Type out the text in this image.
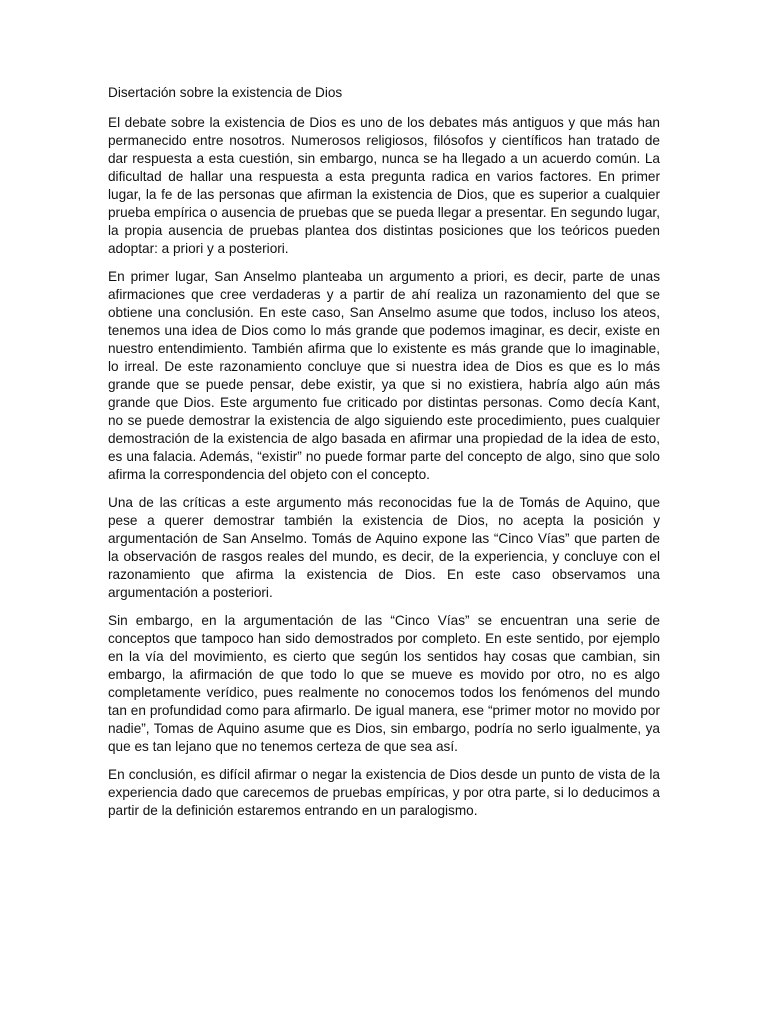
Disertación sobre la existencia de Dios

El debate sobre la existencia de Dios es uno de los debates más antiguos y que más han permanecido entre nosotros. Numerosos religiosos, filósofos y científicos han tratado de dar respuesta a esta cuestión, sin embargo, nunca se ha llegado a un acuerdo común. La dificultad de hallar una respuesta a esta pregunta radica en varios factores. En primer lugar, la fe de las personas que afirman la existencia de Dios, que es superior a cualquier prueba empírica o ausencia de pruebas que se pueda llegar a presentar. En segundo lugar, la propia ausencia de pruebas plantea dos distintas posiciones que los teóricos pueden adoptar: a priori y a posteriori.

En primer lugar, San Anselmo planteaba un argumento a priori, es decir, parte de unas afirmaciones que cree verdaderas y a partir de ahí realiza un razonamiento del que se obtiene una conclusión. En este caso, San Anselmo asume que todos, incluso los ateos, tenemos una idea de Dios como lo más grande que podemos imaginar, es decir, existe en nuestro entendimiento. También afirma que lo existente es más grande que lo imaginable, lo irreal. De este razonamiento concluye que si nuestra idea de Dios es que es lo más grande que se puede pensar, debe existir, ya que si no existiera, habría algo aún más grande que Dios. Este argumento fue criticado por distintas personas. Como decía Kant, no se puede demostrar la existencia de algo siguiendo este procedimiento, pues cualquier demostración de la existencia de algo basada en afirmar una propiedad de la idea de esto, es una falacia. Además, “existir” no puede formar parte del concepto de algo, sino que solo afirma la correspondencia del objeto con el concepto.

Una de las críticas a este argumento más reconocidas fue la de Tomás de Aquino, que pese a querer demostrar también la existencia de Dios, no acepta la posición y argumentación de San Anselmo. Tomás de Aquino expone las “Cinco Vías” que parten de la observación de rasgos reales del mundo, es decir, de la experiencia, y concluye con el razonamiento que afirma la existencia de Dios. En este caso observamos una argumentación a posteriori.

Sin embargo, en la argumentación de las “Cinco Vías” se encuentran una serie de conceptos que tampoco han sido demostrados por completo. En este sentido, por ejemplo en la vía del movimiento, es cierto que según los sentidos hay cosas que cambian, sin embargo, la afirmación de que todo lo que se mueve es movido por otro, no es algo completamente verídico, pues realmente no conocemos todos los fenómenos del mundo tan en profundidad como para afirmarlo. De igual manera, ese “primer motor no movido por nadie”, Tomas de Aquino asume que es Dios, sin embargo, podría no serlo igualmente, ya que es tan lejano que no tenemos certeza de que sea así.

En conclusión, es difícil afirmar o negar la existencia de Dios desde un punto de vista de la experiencia dado que carecemos de pruebas empíricas, y por otra parte, si lo deducimos a partir de la definición estaremos entrando en un paralogismo.
